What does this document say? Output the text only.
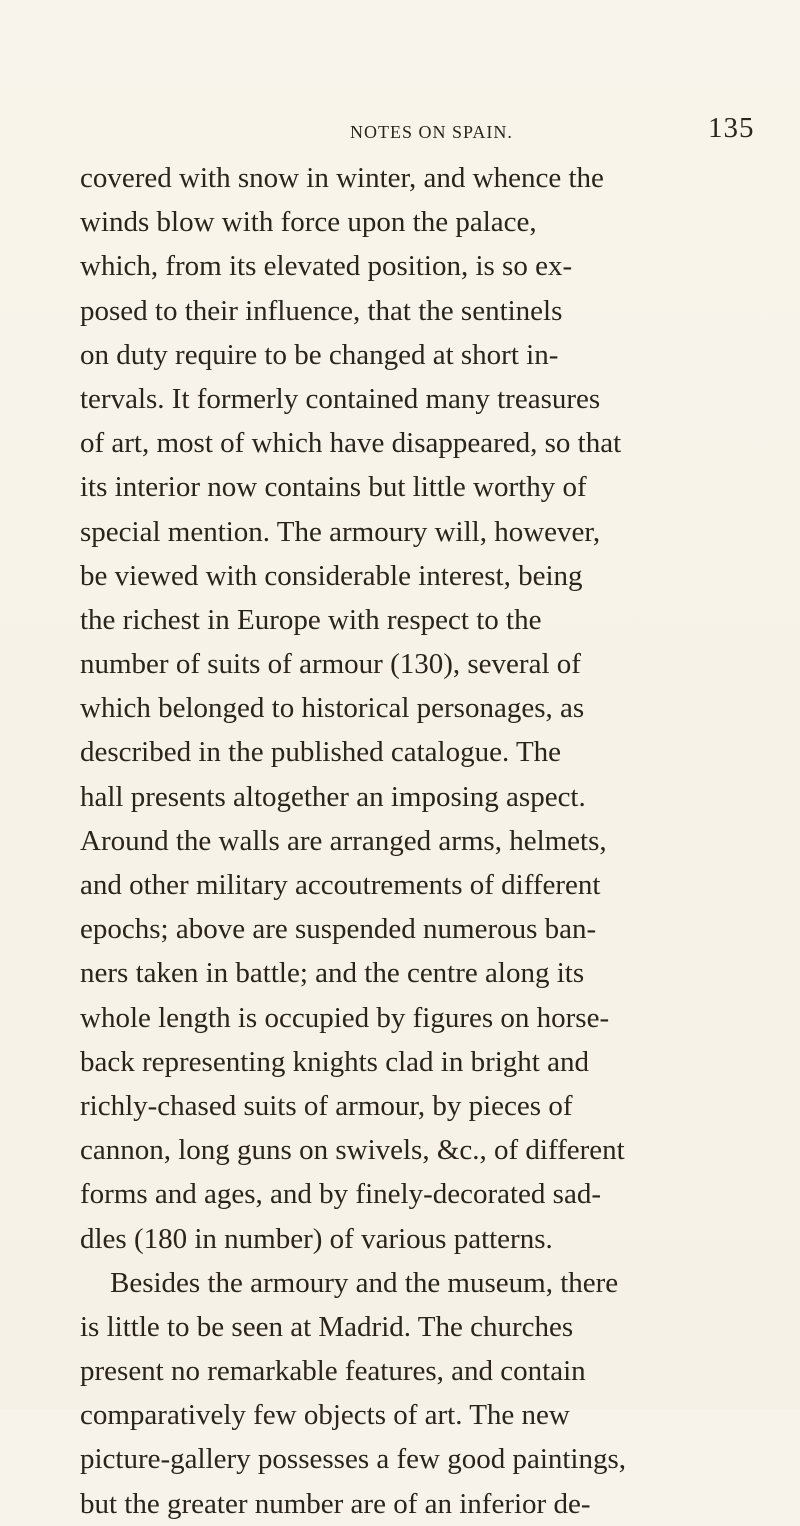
NOTES ON SPAIN.	135
covered with snow in winter, and whence the
winds blow with force upon the palace,
which, from its elevated position, is so ex-
posed to their influence, that the sentinels
on duty require to be changed at short in-
tervals. It formerly contained many treasures
of art, most of which have disappeared, so that
its interior now contains but little worthy of
special mention. The armoury will, however,
be viewed with considerable interest, being
the richest in Europe with respect to the
number of suits of armour (130), several of
which belonged to historical personages, as
described in the published catalogue. The
hall presents altogether an imposing aspect.
Around the walls are arranged arms, helmets,
and other military accoutrements of different
epochs; above are suspended numerous ban-
ners taken in battle; and the centre along its
whole length is occupied by figures on horse-
back representing knights clad in bright and
richly-chased suits of armour, by pieces of
cannon, long guns on swivels, &c., of different
forms and ages, and by finely-decorated sad-
dles (180 in number) of various patterns.
Besides the armoury and the museum, there
is little to be seen at Madrid. The churches
present no remarkable features, and contain
comparatively few objects of art. The new
picture-gallery possesses a few good paintings,
but the greater number are of an inferior de-
